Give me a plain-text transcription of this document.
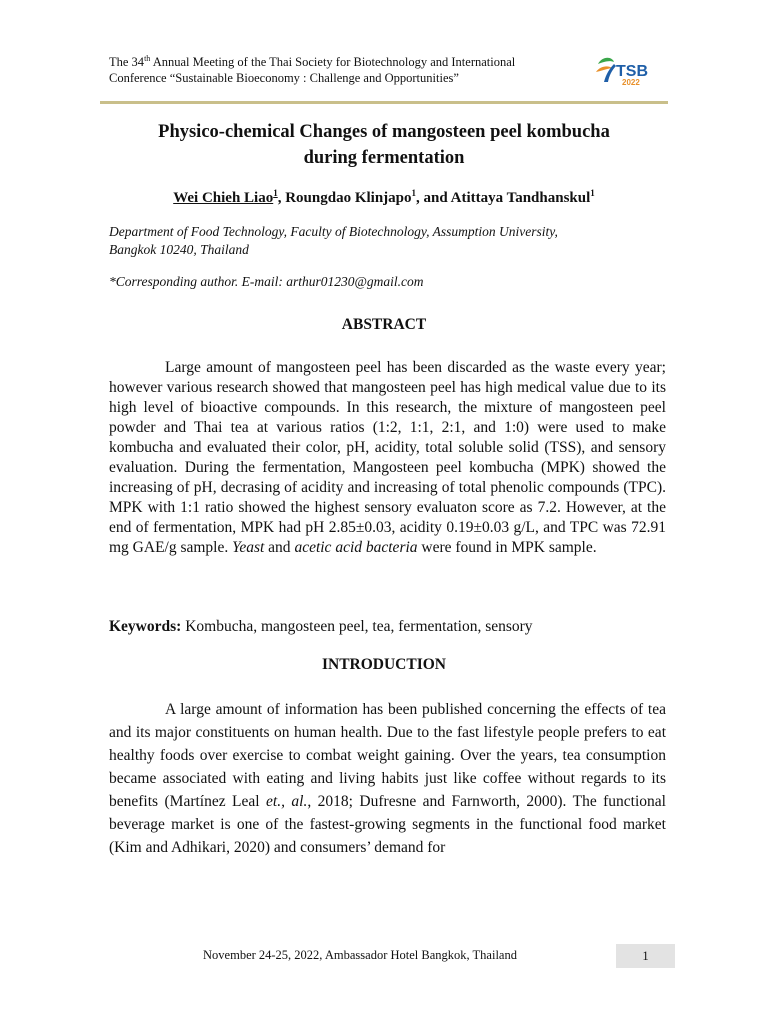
The 34th Annual Meeting of the Thai Society for Biotechnology and International
Conference “Sustainable Bioeconomy : Challenge and Opportunities”	TSB
2022
Physico-chemical Changes of mangosteen peel kombucha
during fermentation
Wei Chieh Liao$^1$, Roungdao Klinjapo$^1$, and Atittaya Tandhanskul$^1$
Department of Food Technology, Faculty of Biotechnology, Assumption University,
Bangkok 10240, Thailand
*Corresponding author. E-mail: arthur01230@gmail.com
ABSTRACT
Large amount of mangosteen peel has been discarded as the waste every year; however various research showed that mangosteen peel has high medical value due to its high level of bioactive compounds. In this research, the mixture of mangosteen peel powder and Thai tea at various ratios (1:2, 1:1, 2:1, and 1:0) were used to make kombucha and evaluated their color, pH, acidity, total soluble solid (TSS), and sensory evaluation. During the fermentation, Mangosteen peel kombucha (MPK) showed the increasing of pH, decrasing of acidity and increasing of total phenolic compounds (TPC). MPK with 1:1 ratio showed the highest sensory evaluaton score as 7.2. However, at the end of fermentation, MPK had pH 2.85±0.03, acidity 0.19±0.03 g/L, and TPC was 72.91 mg GAE/g sample. Yeast and acetic acid bacteria were found in MPK sample.
Keywords: Kombucha, mangosteen peel, tea, fermentation, sensory
INTRODUCTION
A large amount of information has been published concerning the effects of tea and its major constituents on human health. Due to the fast lifestyle people prefers to eat healthy foods over exercise to combat weight gaining. Over the years, tea consumption became associated with eating and living habits just like coffee without regards to its benefits (Martínez Leal et., al., 2018; Dufresne and Farnworth, 2000). The functional beverage market is one of the fastest-growing segments in the functional food market (Kim and Adhikari, 2020) and consumers’ demand for
November 24-25, 2022, Ambassador Hotel Bangkok, Thailand	1
